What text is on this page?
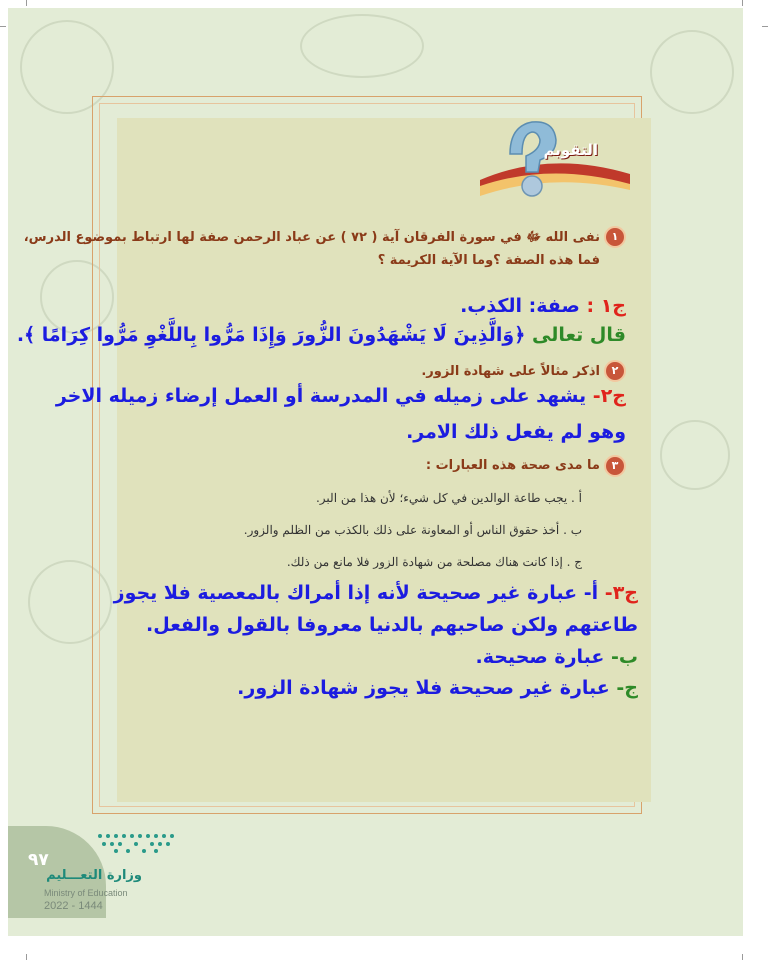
التقويم
١
نفى الله ﷻ في سورة الفرقان آية ( ٧٢ ) عن عباد الرحمن صفة لها ارتباط بموضوع الدرس،
فما هذه الصفة ؟وما الآية الكريمة ؟
ج١ : صفة: الكذب.
قال تعالى ﴿وَالَّذِينَ لَا يَشْهَدُونَ الزُّورَ وَإِذَا مَرُّوا بِاللَّغْوِ مَرُّوا كِرَامًا ﴾.
٢
اذكر مثالاً على شهادة الزور.
ج٢- يشهد على زميله في المدرسة أو العمل إرضاء زميله الاخر
وهو لم يفعل ذلك الامر.
٣
ما مدى صحة هذه العبارات :
أ . يجب طاعة الوالدين في كل شيء؛ لأن هذا من البر.
ب . أخذ حقوق الناس أو المعاونة على ذلك بالكذب من الظلم والزور.
ج . إذا كانت هناك مصلحة من شهادة الزور فلا مانع من ذلك.
ج٣- أ- عبارة غير صحيحة لأنه إذا أمراك بالمعصية فلا يجوز
طاعتهم ولكن صاحبهم بالدنيا معروفا بالقول والفعل.
ب- عبارة صحيحة.
ج- عبارة غير صحيحة فلا يجوز شهادة الزور.
٩٧
وزارة التعـــليم
Ministry of Education
2022 - 1444
